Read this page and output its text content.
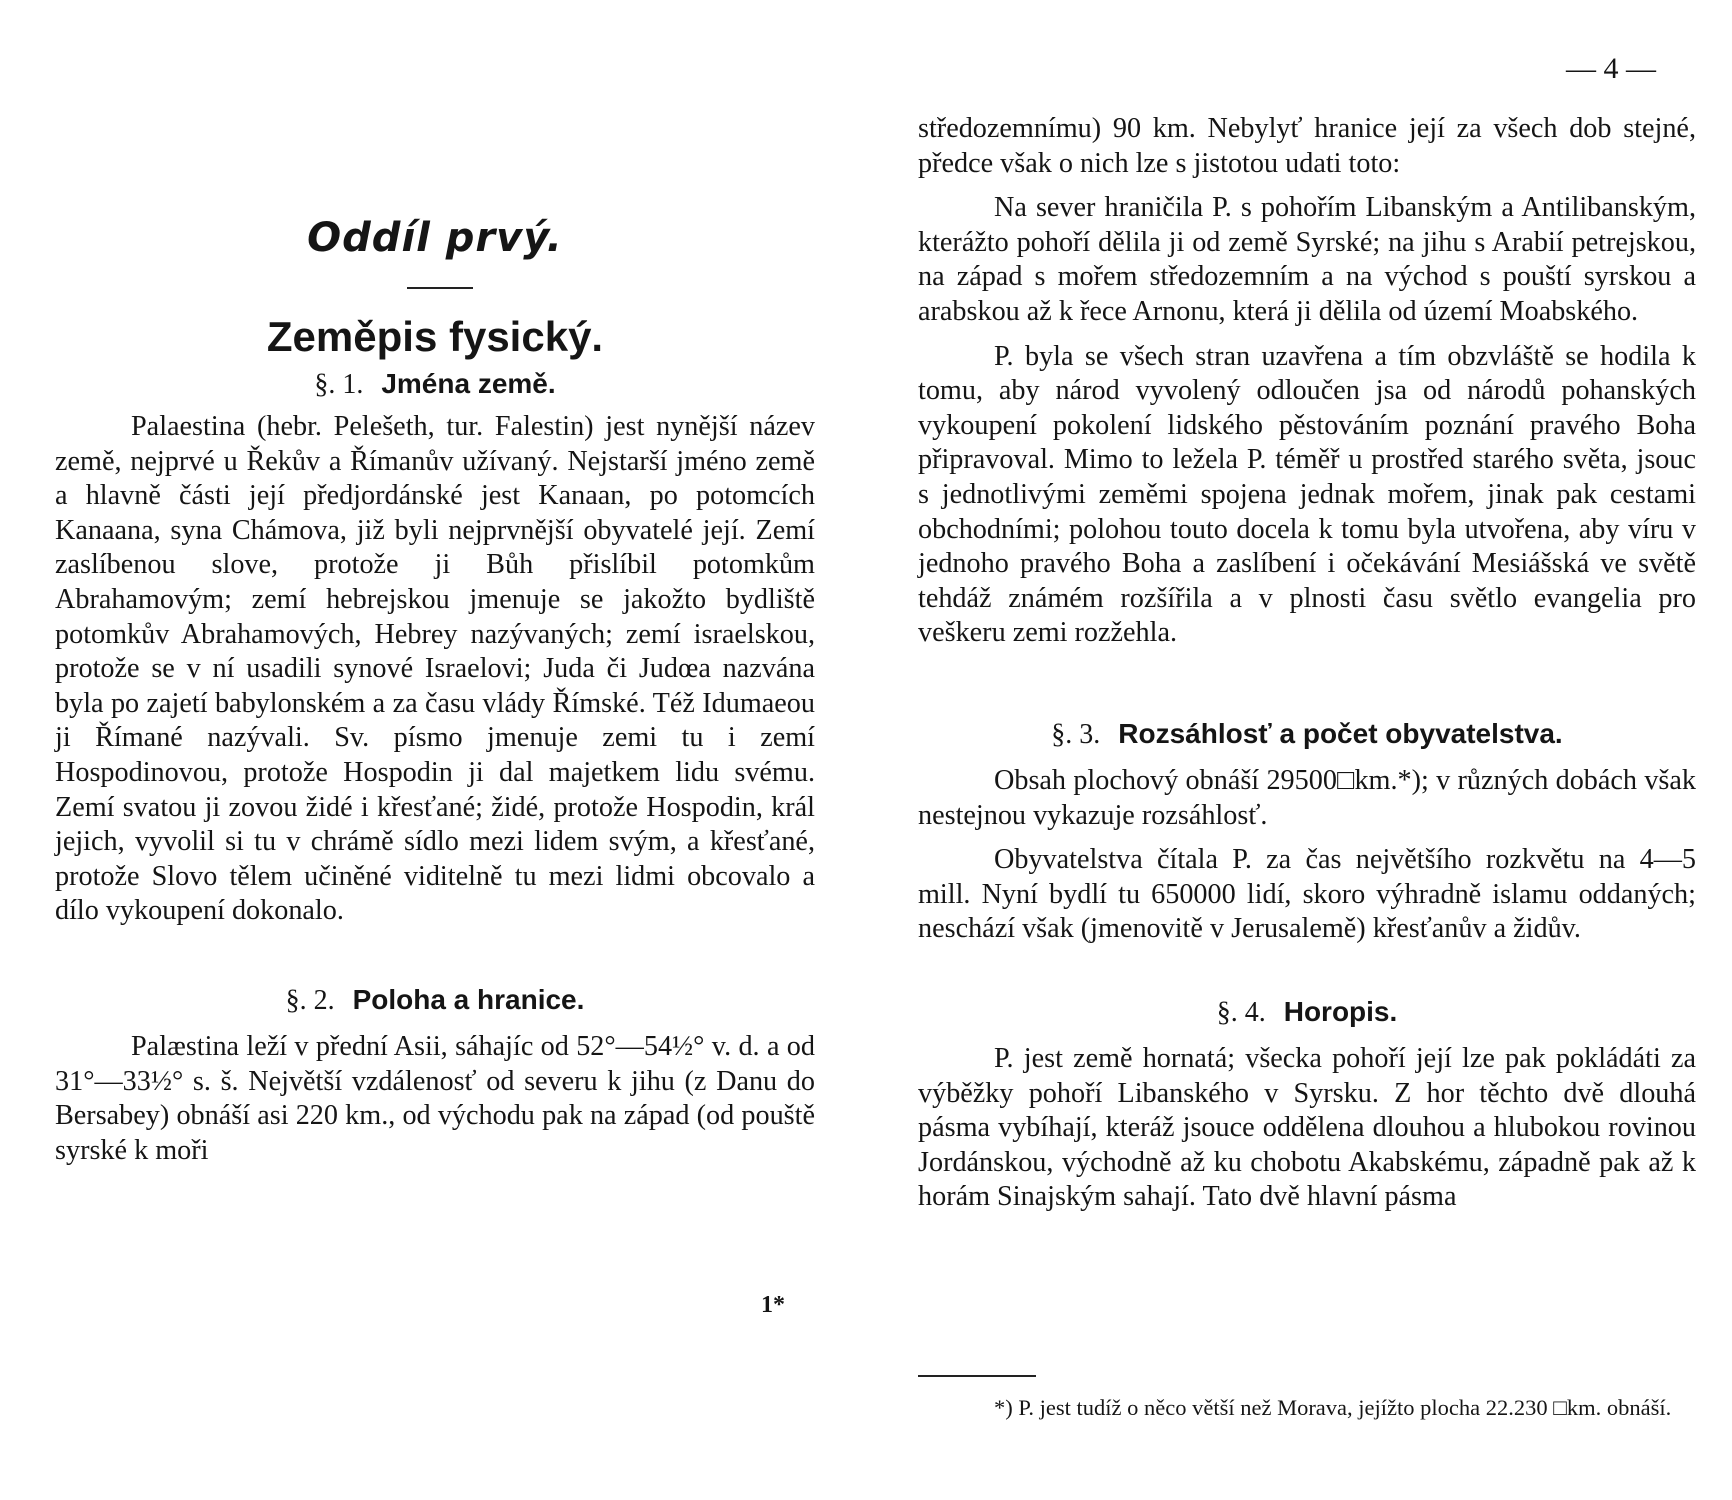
Oddíl prvý.
Zeměpis fysický.
§. 1. Jména země.

Palaestina (hebr. Pelešeth, tur. Falestin) jest nynější název země, nejprvé u Řekův a Římanův užívaný. Nejstarší jméno země a hlavně části její předjordánské jest Kanaan, po potomcích Kanaana, syna Chámova, již byli nejprvnější obyvatelé její. Zemí zaslíbenou slove, protože ji Bůh přislíbil potomkům Abrahamovým; zemí hebrejskou jmenuje se jakožto bydliště potomkův Abrahamových, Hebrey nazývaných; zemí israelskou, protože se v ní usadili synové Israelovi; Juda či Judœa nazvána byla po zajetí babylonském a za času vlády Římské. Též Idumaeou ji Římané nazývali. Sv. písmo jmenuje zemi tu i zemí Hospodinovou, protože Hospodin ji dal majetkem lidu svému. Zemí svatou ji zovou židé i křesťané; židé, protože Hospodin, král jejich, vyvolil si tu v chrámě sídlo mezi lidem svým, a křesťané, protože Slovo tělem učiněné viditelně tu mezi lidmi obcovalo a dílo vykoupení dokonalo.

§. 2. Poloha a hranice.

Palæstina leží v přední Asii, sáhajíc od 52°—54½° v. d. a od 31°—33½° s. š. Největší vzdálenosť od severu k jihu (z Danu do Bersabey) obnáší asi 220 km., od východu pak na západ (od pouště syrské k moři

1*

— 4 —

středozemnímu) 90 km. Nebylyť hranice její za všech dob stejné, předce však o nich lze s jistotou udati toto:

Na sever hraničila P. s pohořím Libanským a Antilibanským, kterážto pohoří dělila ji od země Syrské; na jihu s Arabií petrejskou, na západ s mořem středozemním a na východ s pouští syrskou a arabskou až k řece Arnonu, která ji dělila od území Moabského.

P. byla se všech stran uzavřena a tím obzvláště se hodila k tomu, aby národ vyvolený odloučen jsa od národů pohanských vykoupení pokolení lidského pěstováním poznání pravého Boha připravoval. Mimo to ležela P. téměř u prostřed starého světa, jsouc s jednotlivými zeměmi spojena jednak mořem, jinak pak cestami obchodními; polohou touto docela k tomu byla utvořena, aby víru v jednoho pravého Boha a zaslíbení i očekávání Mesiášská ve světě tehdáž známém rozšířila a v plnosti času světlo evangelia pro veškeru zemi rozžehla.

§. 3. Rozsáhlosť a počet obyvatelstva.

Obsah plochový obnáší 29500□km.*); v různých dobách však nestejnou vykazuje rozsáhlosť.

Obyvatelstva čítala P. za čas největšího rozkvětu na 4—5 mill. Nyní bydlí tu 650000 lidí, skoro výhradně islamu oddaných; neschází však (jmenovitě v Jerusalemě) křesťanův a židův.

§. 4. Horopis.

P. jest země hornatá; všecka pohoří její lze pak pokládáti za výběžky pohoří Libanského v Syrsku. Z hor těchto dvě dlouhá pásma vybíhají, kteráž jsouce oddělena dlouhou a hlubokou rovinou Jordánskou, východně až ku chobotu Akabskému, západně pak až k horám Sinajským sahají. Tato dvě hlavní pásma

*) P. jest tudíž o něco větší než Morava, jejížto plocha 22.230 □km. obnáší.
